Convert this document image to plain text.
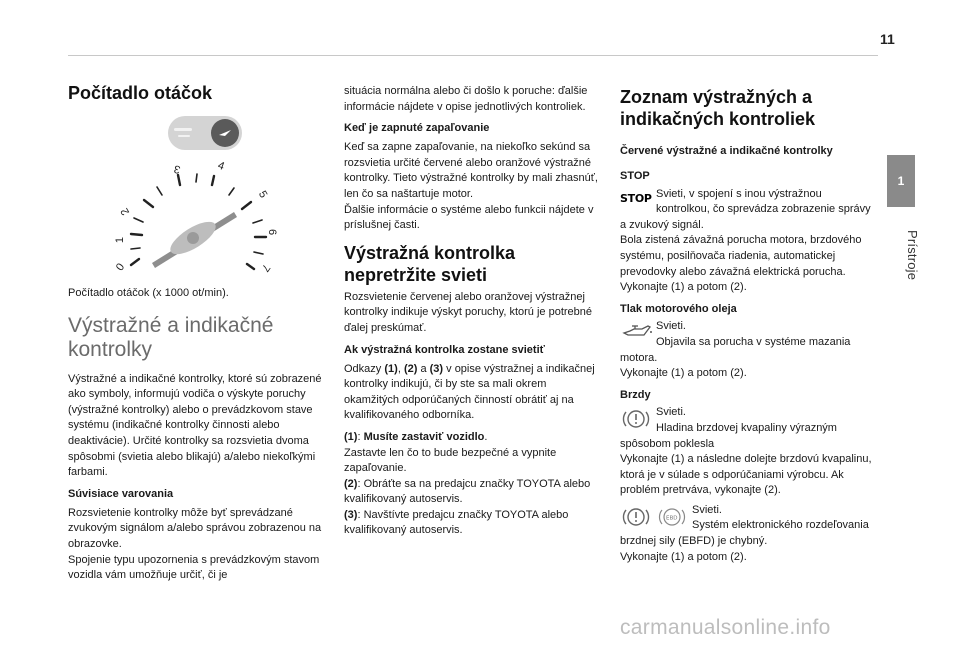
11
1
Prístroje
Počítadlo otáčok
0
1
2
3	4
5
6
7

Počítadlo otáčok (x 1000 ot/min).

Výstražné a indikačné kontrolky

Výstražné a indikačné kontrolky, ktoré sú zobrazené ako symboly, informujú vodiča o výskyte poruchy (výstražné kontrolky) alebo o prevádzkovom stave systému (indikačné kontrolky činnosti alebo deaktivácie). Určité kontrolky sa rozsvietia dvoma spôsobmi (svietia alebo blikajú) a/alebo niekoľkými farbami.

Súvisiace varovania

Rozsvietenie kontrolky môže byť sprevádzané zvukovým signálom a/alebo správou zobrazenou na obrazovke.
Spojenie typu upozornenia s prevádzkovým stavom vozidla vám umožňuje určiť, či je

situácia normálna alebo či došlo k poruche: ďalšie informácie nájdete v opise jednotlivých kontroliek.

Keď je zapnuté zapaľovanie

Keď sa zapne zapaľovanie, na niekoľko sekúnd sa rozsvietia určité červené alebo oranžové výstražné kontrolky. Tieto výstražné kontrolky by mali zhasnúť, len čo sa naštartuje motor.
Ďalšie informácie o systéme alebo funkcii nájdete v príslušnej časti.

Výstražná kontrolka nepretržite svieti

Rozsvietenie červenej alebo oranžovej výstražnej kontrolky indikuje výskyt poruchy, ktorú je potrebné ďalej preskúmať.

Ak výstražná kontrolka zostane svietiť

Odkazy (1), (2) a (3) v opise výstražnej a indikačnej kontrolky indikujú, či by ste sa mali okrem okamžitých odporúčaných činností obrátiť aj na kvalifikovaného odborníka.

(1): Musíte zastaviť vozidlo.

Zastavte len čo to bude bezpečné a vypnite zapaľovanie.

(2): Obráťte sa na predajcu značky TOYOTA alebo kvalifikovaný autoservis.

(3): Navštívte predajcu značky TOYOTA alebo kvalifikovaný autoservis.

Zoznam výstražných a indikačných kontroliek
Červené výstražné a indikačné kontrolky
STOP
STOP Svieti, v spojení s inou výstražnou kontrolkou, čo sprevádza zobrazenie správy a zvukový signál.
Bola zistená závažná porucha motora, brzdového systému, posilňovača riadenia, automatickej prevodovky alebo závažná elektrická porucha.
Vykonajte (1) a potom (2).
Tlak motorového oleja
Svieti.
Objavila sa porucha v systéme mazania motora.
Vykonajte (1) a potom (2).
Brzdy
Svieti.
Hladina brzdovej kvapaliny výrazným spôsobom poklesla
Vykonajte (1) a následne dolejte brzdovú kvapalinu, ktorá je v súlade s odporúčaniami výrobcu. Ak problém pretrváva, vykonajte (2).
EBD
Svieti.
Systém elektronického rozdeľovania brzdnej sily (EBFD) je chybný.
Vykonajte (1) a potom (2).
carmanualsonline.info
